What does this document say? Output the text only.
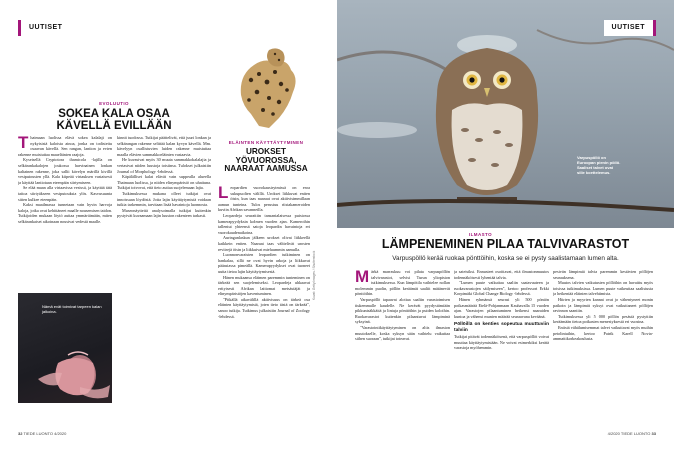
UUTISET
EVOLUUTIO
SOKEA KALA OSAA
KÄVELLÄ EVILLÄÄN

Thaimaan luolissa elävä sokea kalalaji on nykyisistä kaloista ainoa, jonka on todistettu osaavan kävellä. Sen rangan, lantion ja evien rakenne muistuttaa maaeläinten raajoja.

Kyseisellä Cryptotora thamicola -lajilla on selkärankakalojen joukossa harvinainen lonkan kaltainen rakenne, joka sallii kävelyn märillä kivillä vesiputousten yllä. Kala kiipeää virtauksen vastaisesti ja käyttää lantiotaan eteenpäin siirtymiseen.

Se elää maan alla virtaavissa vesissä, ja käyttää tätä taitoa siirtyäkseen vesiputouksia ylös. Kasvusuunta sitten kulkee eteenpäin.

Kaksi maailmassa tunnetaan vain hyvin harvoja kaloja, jotka ovat kehittäneet maalle nousemisen taidon. Tutkijoiden mukaan löytö auttaa ymmärtämään, miten selkärankaiset aikoinaan nousivat vedestä maalle.

kinnit tuodossa. Tutkijat päättelivät, että juuri lonkan ja selkärangan rakenne selittää kalan kyvyn kävellä. Mm. kävelyyn osallistuvien luiden rakenne muistuttaa maalla elävien sammakkoeläinten vastaavia.

He kuvasivat myös 30 muuta sammakkokalalajia ja vertasivat niiden luustoja toisiinsa. Tulokset julkaistiin Journal of Morphology -lehdessä.

Käpälälliset kalat elävät vain suppealla alueella Thaimaan luolissa, ja niiden elinympäristö on uhattuna. Tutkijat toivovat, että tieto auttaa suojelemaan lajia.

Tutkimuksessa mukana olleet tutkijat ovat innoissaan löydöstä. Jotta lajin käyttäytymistä voidaan tutkia tarkemmin, tarvitaan lisää havaintoja luonnosta.

Museonäytteitä analysoimalla tutkijat kuitenkin pystyivät kuvaamaan lajin luuston rakenteen tarkasti.

Nämä evät toimivat tarpeen kalan jalkoina.
ELÄINTEN KÄYTTÄYTYMINEN
UROKSET
YÖVUOROSSA,
NAARAAT AAMUSSA

Leopardien vuorokausirytmissä on eroa sukupuolten välillä. Urokset liikkuvat eniten öisin, kun taas naaraat ovat aktiivisimmillaan aamun tunteina. Tulos perustuu riistakameroiden kuviin Afrikan savanneilla.

Leopardeja seurattiin tansanialaisessa puistossa kamerapyydyksin kolmen vuoden ajan. Kameroihin tallentui yhteensä satoja leopardin havaintoja eri vuorokaudenaikoina.

Auringanlaskun jälkeen urokset olivat liikkeellä kaikkein eniten. Naaraat taas välttelivät urosten reviirejä öisin ja liikkuivat mieluummin aamulla.

Luonnonvaraisten leopardien tutkiminen on hankalaa, sillä ne ovat hyvin arkoja ja liikkuvat pääasiassa pimeällä. Kamerapyydykset ovat tuoneet uutta tietoa lajin käyttäytymisestä.

Hänen mukaansa eläimen paremmin tunteminen on tärkeää sen suojelemiseksi. Leopardeja uhkaavat erityisesti Afrikan laittomat metsästäjät ja elinympäristöjen kaventuminen.

"Pitkällä aikavälillä aktiivisuus on tärkeä osa eläinten käyttäytymistä, joten tieto tästä on tärkeää", sanoo tutkija. Tutkimus julkaistiin Journal of Zoology -lehdessä.

Kuvat: Getty Images / Shutterstock
32 TIEDE LUONTO 4/2020
UUTISET
Varpuspöllö on Euroopan pienin pöllö. Saaliset talvet ovat sille koettelemus.
ILMASTO
LÄMPENEMINEN PILAA TALVIVARASTOT
Varpuspöllö kerää ruokaa pönttöihin, koska se ei pysty saalistamaan lumen alta.

Märkä marraskuu voi pilata varpuspöllön talvivarastot, selvisi Turun yliopiston tutkimuksessa. Kun lämpötila vaihtelee nollan molemmin puolin, pöllön keräämät saaliit mätänevät pönttöihin.

Varpuspöllö tapaavat alottaa saaliin varastoimisen tiukemmalle kaudelle. Ne kerävät pyydystämiään pikkunisäkkäitä ja lintuja pönttöihin ja puiden koloihin. Ruokavarastot kuitenkin pilaantuvat lämpiminä syksyinä.

"Varastointikäyttäytyminen on altis ilmaston muutokselle, koska syksyn sään vaihtelu vaikuttaa siihen suoraan", tutkijat toteavat.

ja sateisiksi. Ennusteet osoittavat, että ilmastonmuutos todennäköisesti lyhentää talvia.

"Lumen puute vaikuttaa saaliin saatavuuteen ja ruokavarastojen säilymiseen", kertoo professori Erkki Korpimäki Global Change Biology -lehdessä.

Hänen ryhmänsä seurasi yli 500 pöntön poikasmäärää Etelä-Pohjanmaan Kauhavalla 15 vuoden ajan. Varastojen pilaantuminen heikensi naaraiden kuntoa ja vähensi munien määrää seuraavana keväänä.

Pöllöillä on kenties sopeutua muuttuviin talviin

Tutkijat pitävät todennäköisenä, että varpuspöllöt voivat muuttaa käyttäytymistään. Ne voivat esimerkiksi kerätä varastoja myöhemmin.

pesivän lämpimiä talvia paremmin kestävien pöllöjen seurauksena.

Muutos talvien vaikutusten pöllöihin on havaittu myös toisissa tutkimuksissa. Lumen puute vaikeuttaa saalistusta ja heikentää eläinten talvehtimista.

Hiirten ja myyrien kannat ovat jo vähentyneet monin paikoin ja lämpimät syksyt ovat vaikuttaneet pöllöjen ravinnon saantiin.

Tutkimuksessa yli 5 000 pöllön pesästä pystyttiin keräämään tietoa poikasten menestyksestä eri vuosina.

Entistä vähälumisemmat talvet vaikuttavat myös muihin petolintuihin, kertoo Patrik Karell Novia-ammattikorkeakoulusta.

4/2020 TIEDE LUONTO 33
